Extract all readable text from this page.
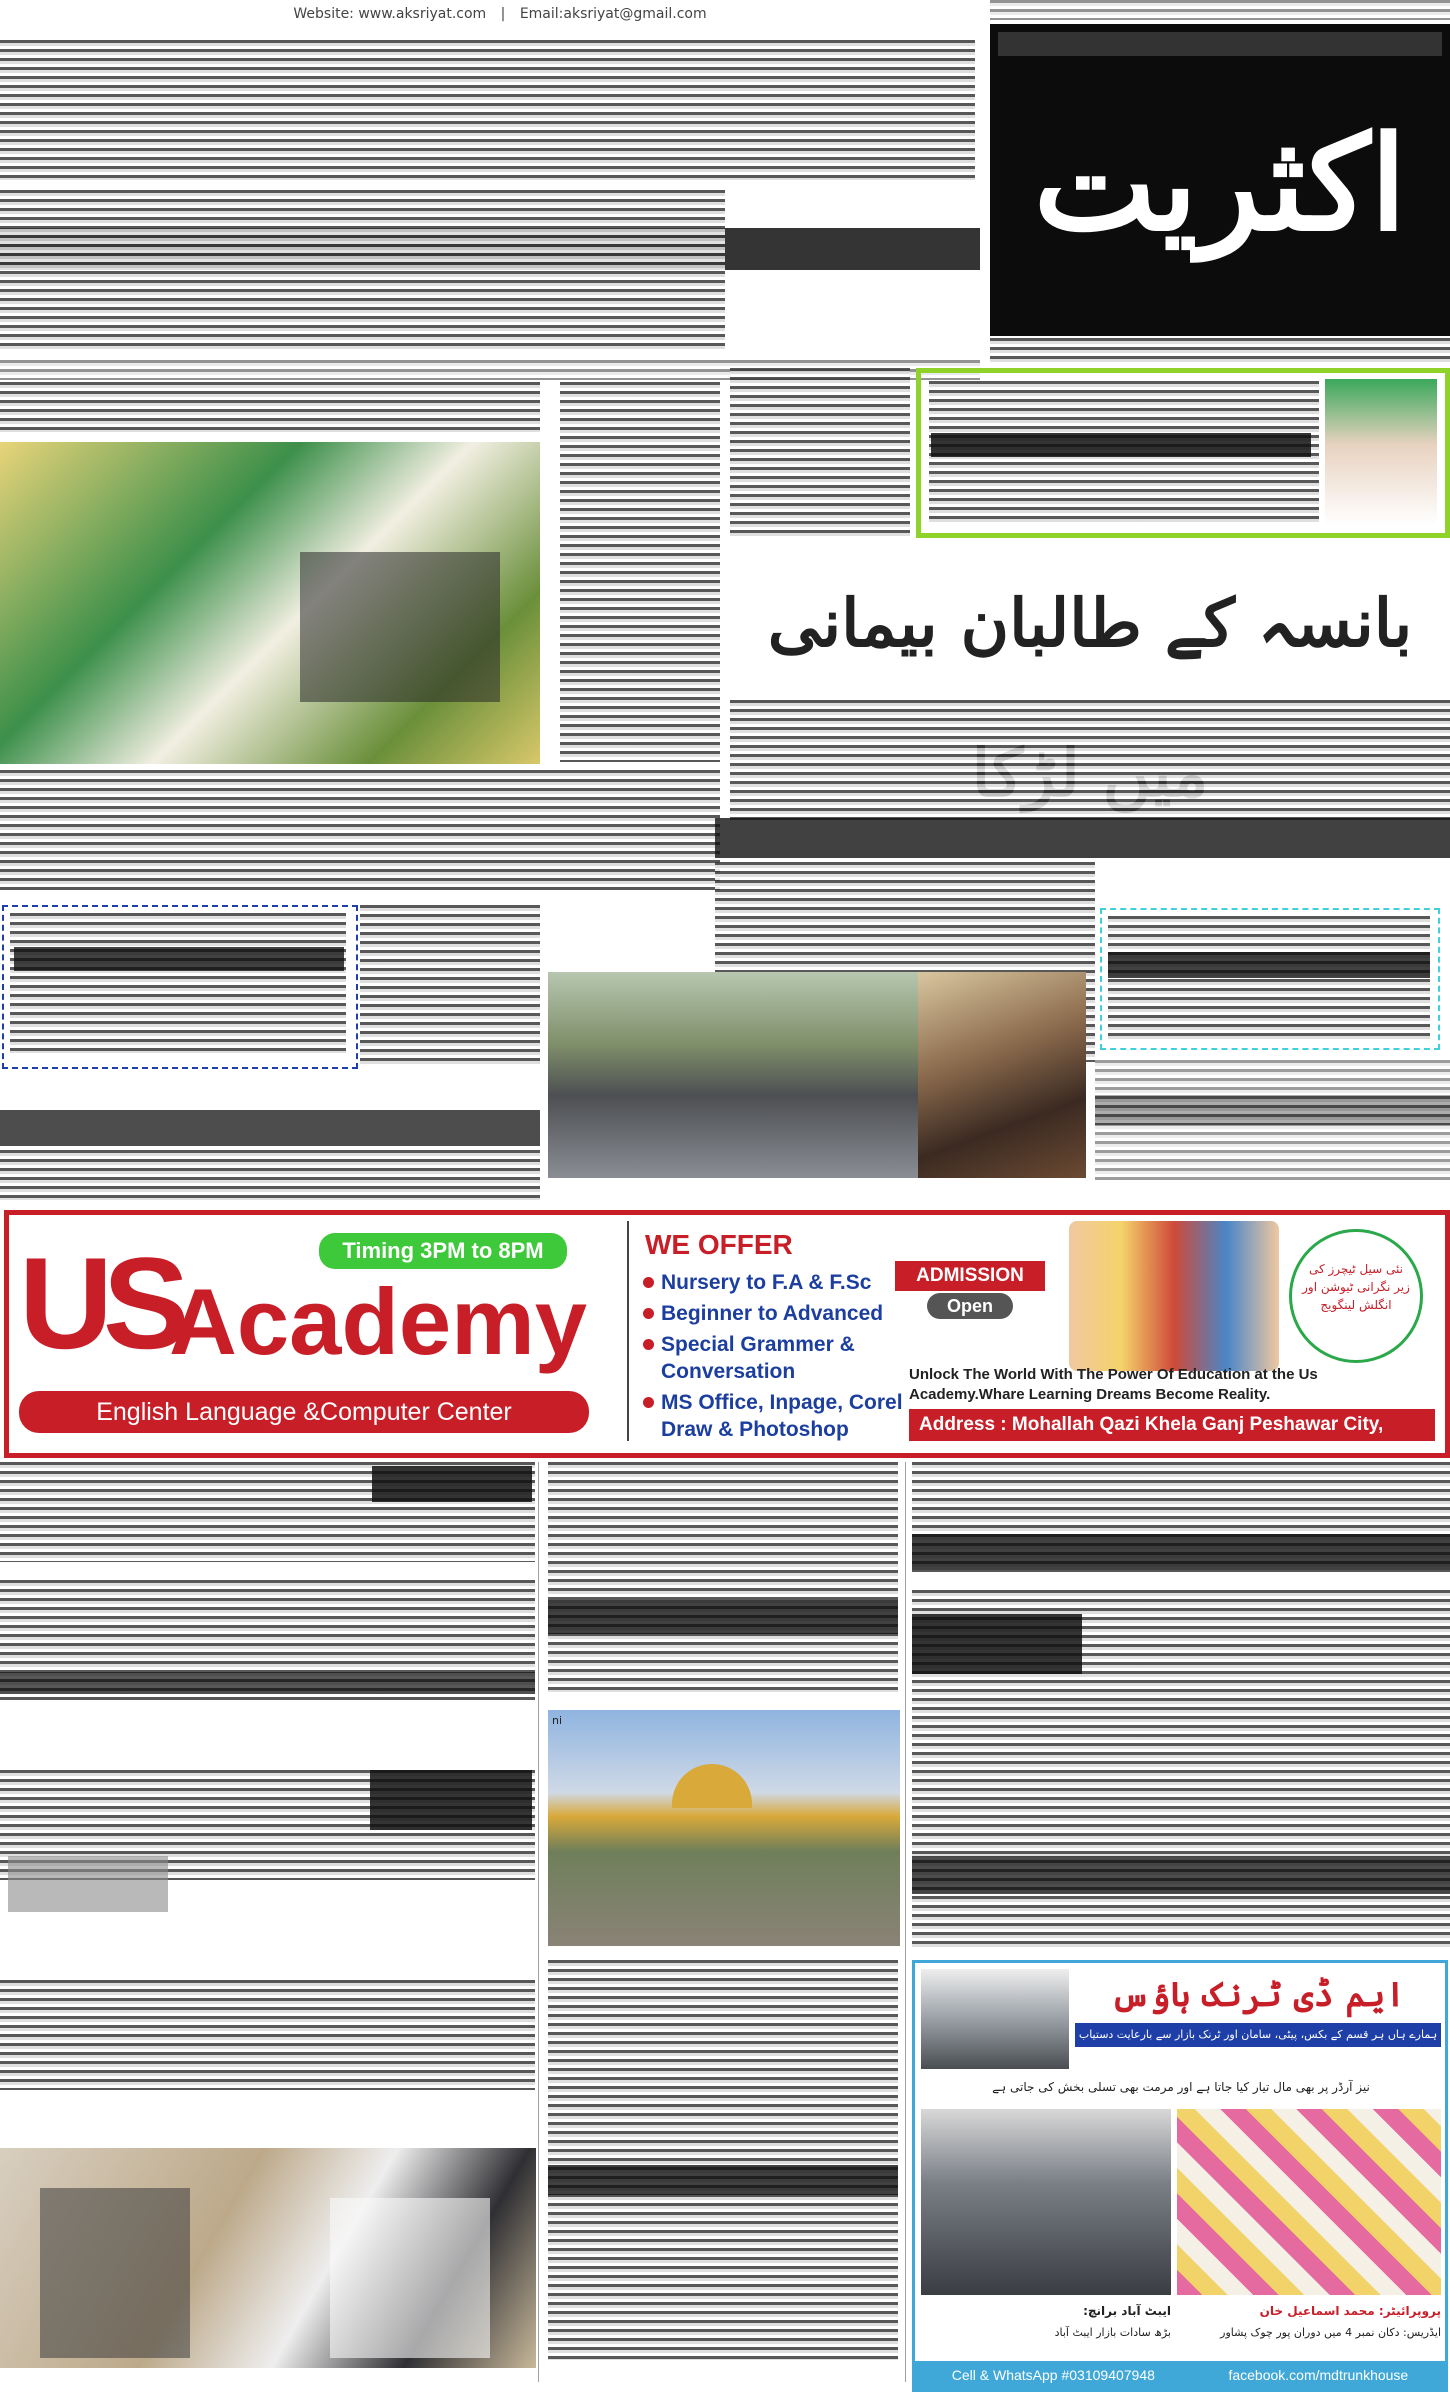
Website: www.aksriyat.com | Email:aksriyat@gmail.com
اکثریت
بانسہ کے طالبان بیمانی
US
Academy
Timing 3PM to 8PM
English Language &Computer Center
WE OFFER
Nursery to F.A & F.Sc
Beginner to Advanced
Special Grammer & Conversation
MS Office, Inpage, Corel Draw & Photoshop
ADMISSION
Open
نئی سیل ٹیچرز کی زیر نگرانی ٹیوشن اور انگلش لینگویج
Unlock The World With The Power Of Education at the Us Academy.Whare Learning Dreams Become Reality.
Address : Mohallah Qazi Khela Ganj Peshawar City,
ni
ایم ڈی ٹرنک ہاؤس
ہمارے ہاں ہر قسم کے بکس، پیٹی، سامان اور ٹرنک بازار سے بارعایت دستیاب ہے
نیز آرڈر پر بھی مال تیار کیا جاتا ہے اور مرمت بھی تسلی بخش کی جاتی ہے
پروپرائیٹر: محمد اسماعیل خان
ایڈریس: دکان نمبر 4 میں دوران پور چوک پشاور
ایبٹ آباد برانچ:
بڑھ سادات بازار ایبٹ آباد
Cell & WhatsApp #03109407948	facebook.com/mdtrunkhouse
